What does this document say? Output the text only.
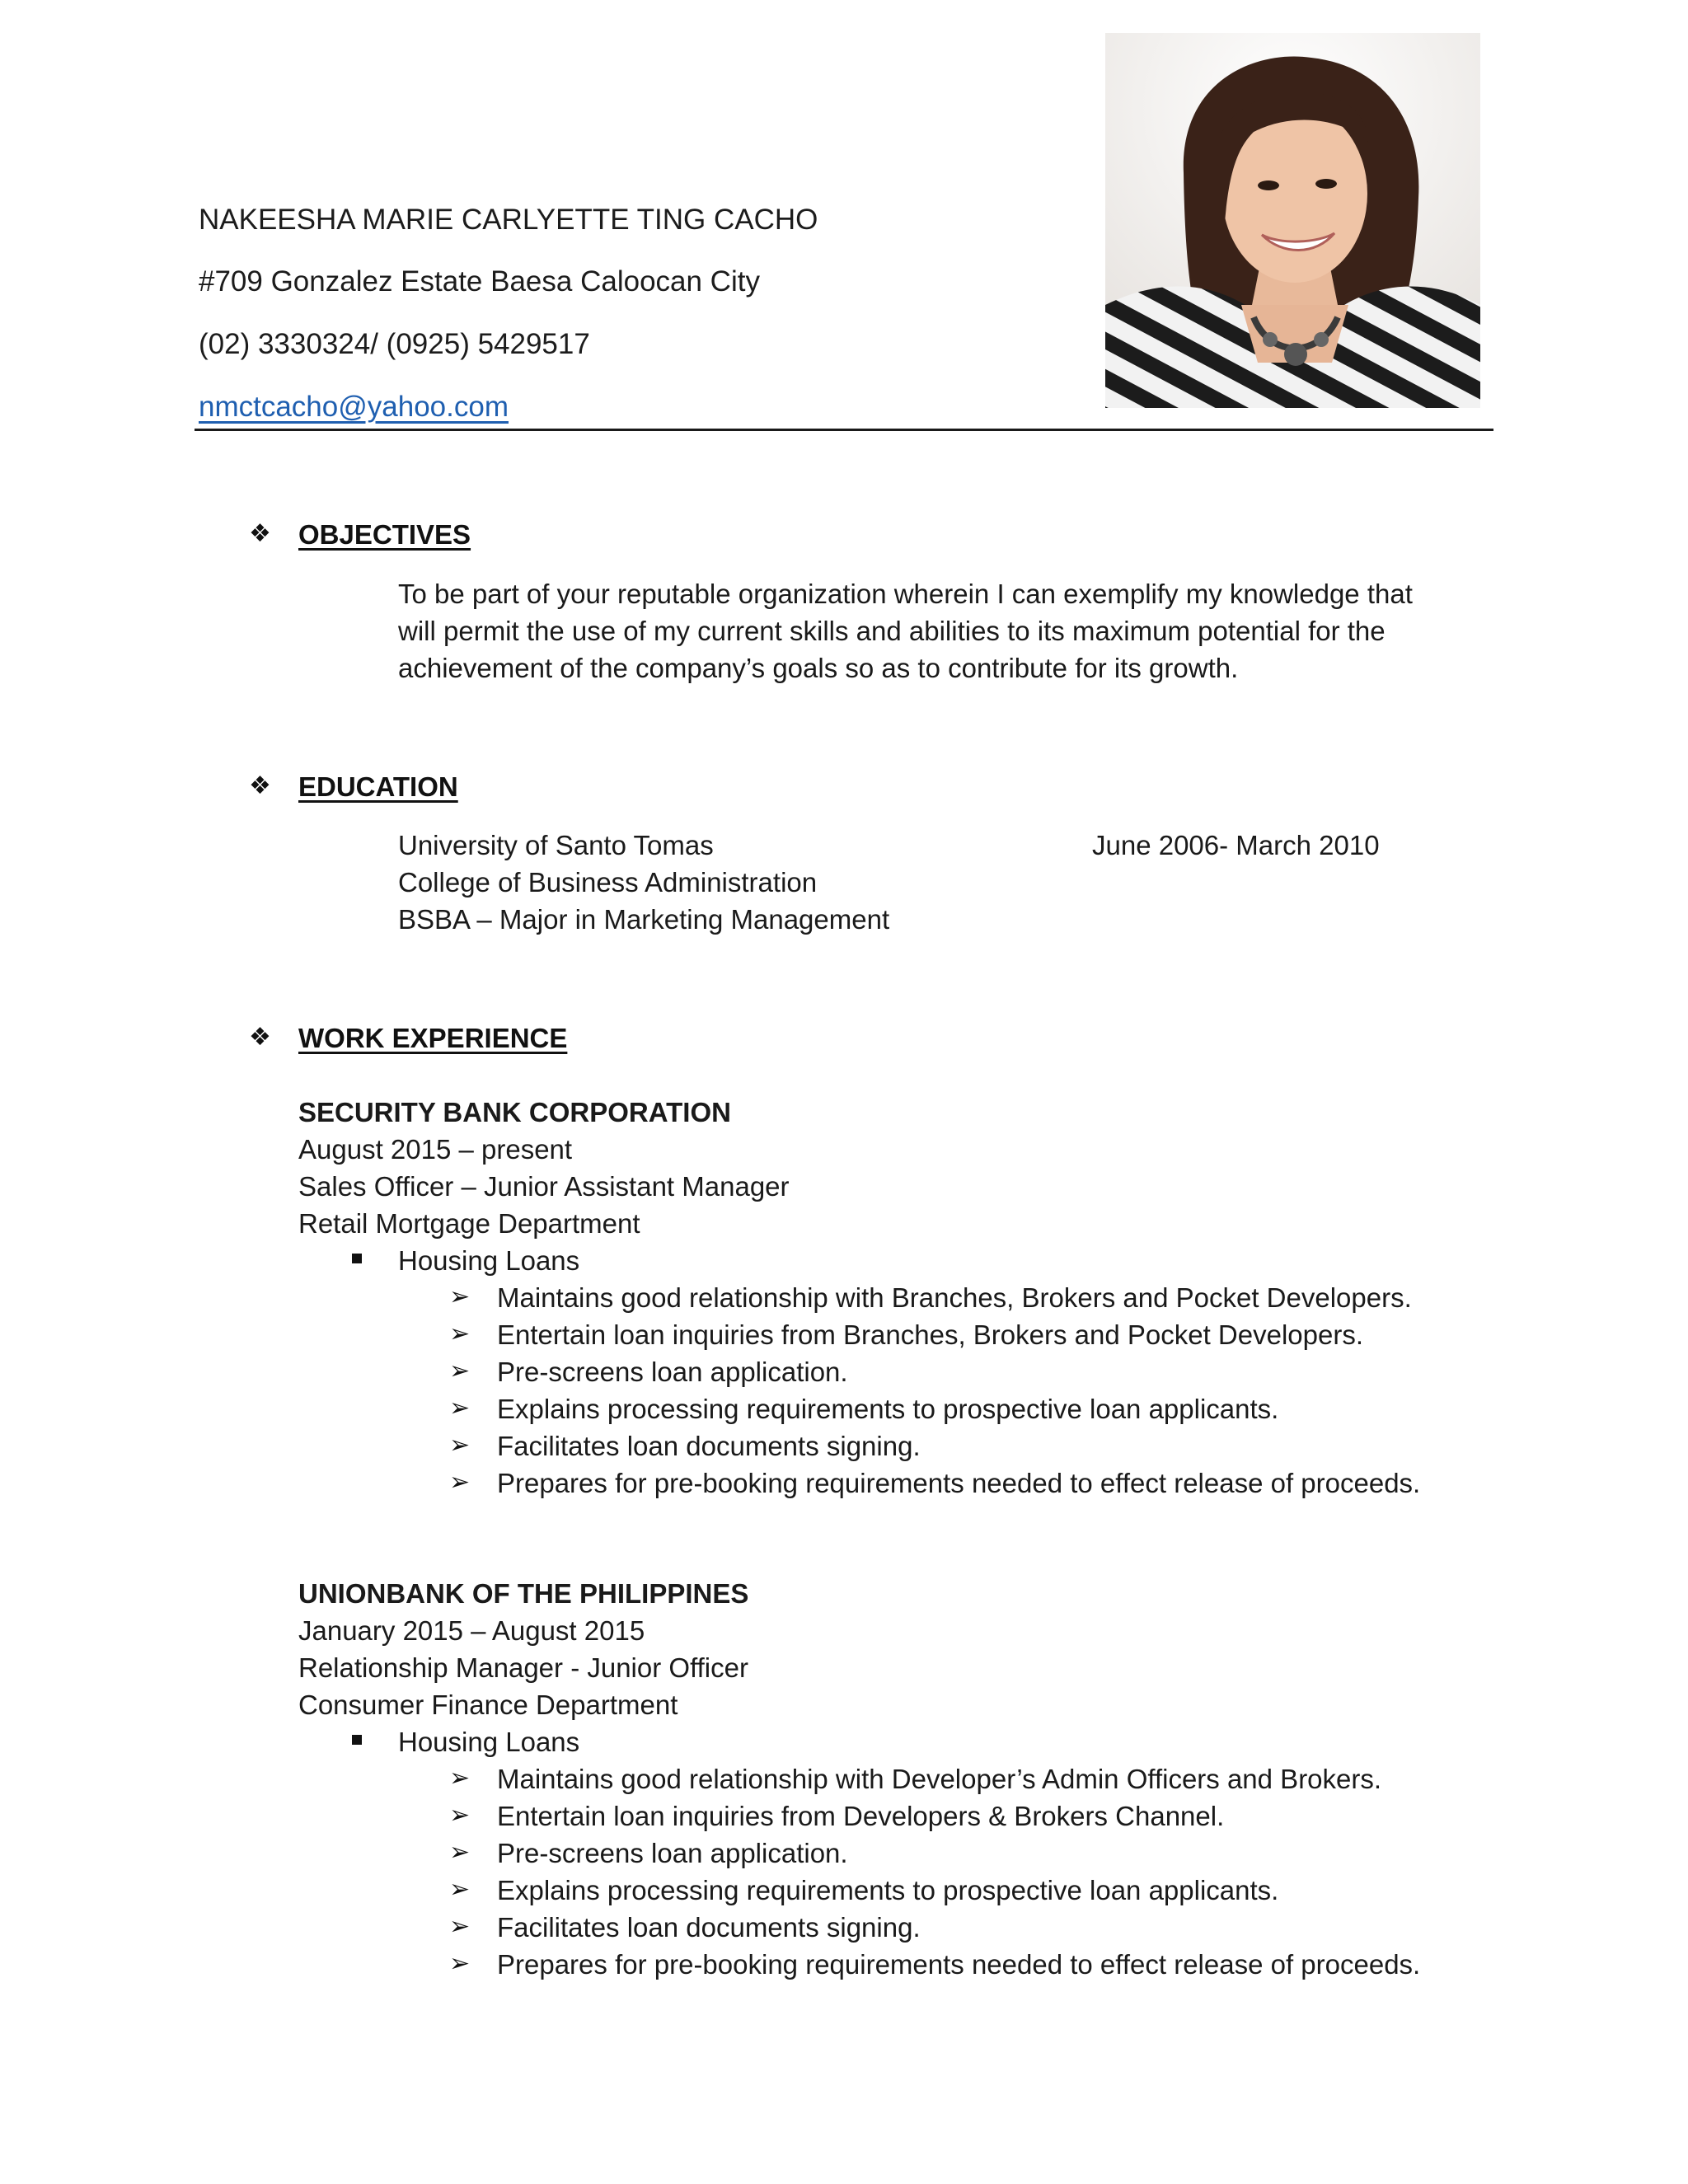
NAKEESHA MARIE CARLYETTE TING CACHO
#709 Gonzalez Estate Baesa Caloocan City
(02) 3330324/ (0925) 5429517
nmctcacho@yahoo.com
❖ OBJECTIVES
To be part of your reputable organization wherein I can exemplify my knowledge that
will permit the use of my current skills and abilities to its maximum potential for the
achievement of the company’s goals so as to contribute for its growth.
❖ EDUCATION
University of Santo Tomas	June 2006- March 2010
College of Business Administration
BSBA – Major in Marketing Management
❖ WORK EXPERIENCE
SECURITY BANK CORPORATION
August 2015 – present
Sales Officer – Junior Assistant Manager
Retail Mortgage Department
Housing Loans
➢ Maintains good relationship with Branches, Brokers and Pocket Developers.
➢ Entertain loan inquiries from Branches, Brokers and Pocket Developers.
➢ Pre-screens loan application.
➢ Explains processing requirements to prospective loan applicants.
➢ Facilitates loan documents signing.
➢ Prepares for pre-booking requirements needed to effect release of proceeds.
UNIONBANK OF THE PHILIPPINES
January 2015 – August 2015
Relationship Manager - Junior Officer
Consumer Finance Department
Housing Loans
➢ Maintains good relationship with Developer’s Admin Officers and Brokers.
➢ Entertain loan inquiries from Developers & Brokers Channel.
➢ Pre-screens loan application.
➢ Explains processing requirements to prospective loan applicants.
➢ Facilitates loan documents signing.
➢ Prepares for pre-booking requirements needed to effect release of proceeds.
